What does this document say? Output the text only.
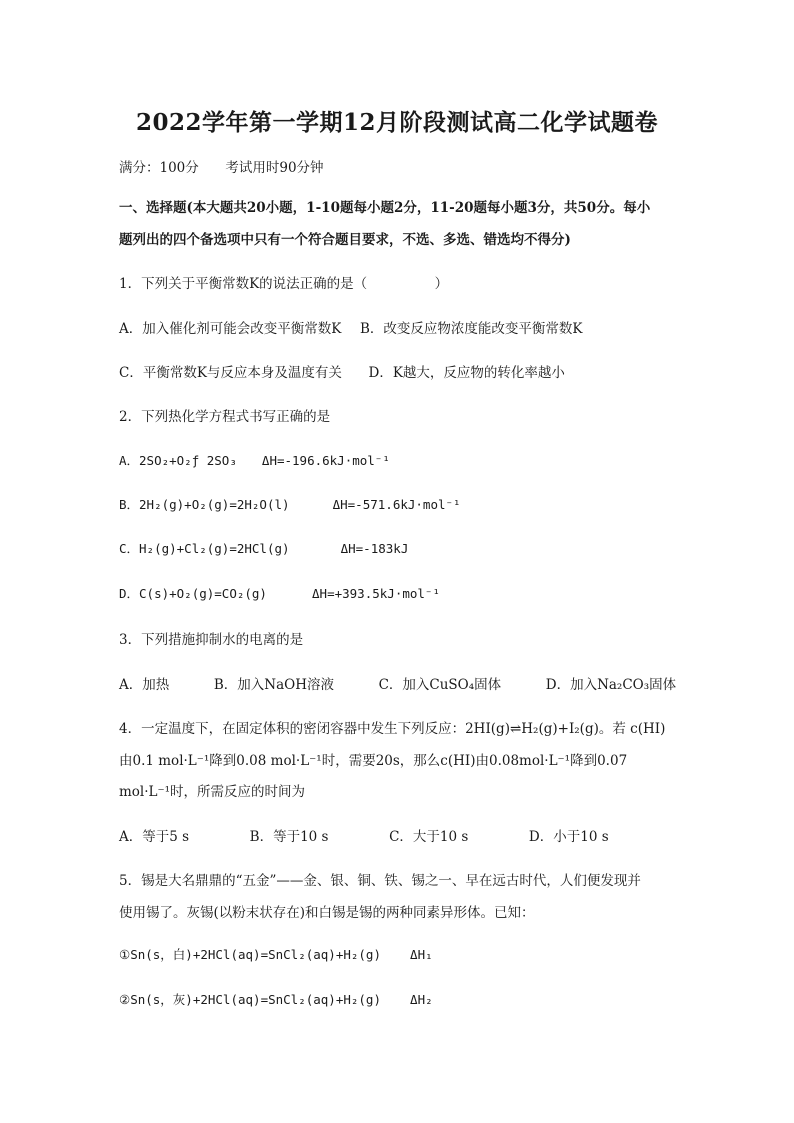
2022学年第一学期12月阶段测试高二化学试题卷
满分：100分 考试用时90分钟
一、选择题(本大题共20小题，1-10题每小题2分，11-20题每小题3分，共50分。每小
题列出的四个备选项中只有一个符合题目要求，不选、多选、错选均不得分)
1．下列关于平衡常数K的说法正确的是（　　　　　）
A．加入催化剂可能会改变平衡常数K B．改变反应物浓度能改变平衡常数K
C．平衡常数K与反应本身及温度有关 D．K越大，反应物的转化率越小
2．下列热化学方程式书写正确的是
A．2SO₂+O₂ƒ 2SO₃ ΔH=-196.6kJ·mol⁻¹
B．2H₂(g)+O₂(g)=2H₂O(l)	ΔH=-571.6kJ·mol⁻¹
C．H₂(g)+Cl₂(g)=2HCl(g)	ΔH=-183kJ
D．C(s)+O₂(g)=CO₂(g)	ΔH=+393.5kJ·mol⁻¹
3．下列措施抑制水的电离的是
A．加热	B．加入NaOH溶液	C．加入CuSO₄固体	D．加入Na₂CO₃固体
4．一定温度下，在固定体积的密闭容器中发生下列反应：2HI(g)⇌H₂(g)+I₂(g)。若 c(HI)
由0.1 mol·L⁻¹降到0.08 mol·L⁻¹时，需要20s，那么c(HI)由0.08mol·L⁻¹降到0.07
mol·L⁻¹时，所需反应的时间为
A．等于5 s	B．等于10 s	C．大于10 s	D．小于10 s
5．锡是大名鼎鼎的“五金”——金、银、铜、铁、锡之一、早在远古时代，人们便发现并
使用锡了。灰锡(以粉末状存在)和白锡是锡的两种同素异形体。已知：
①Sn(s，白)+2HCl(aq)=SnCl₂(aq)+H₂(g) ΔH₁
②Sn(s，灰)+2HCl(aq)=SnCl₂(aq)+H₂(g) ΔH₂
